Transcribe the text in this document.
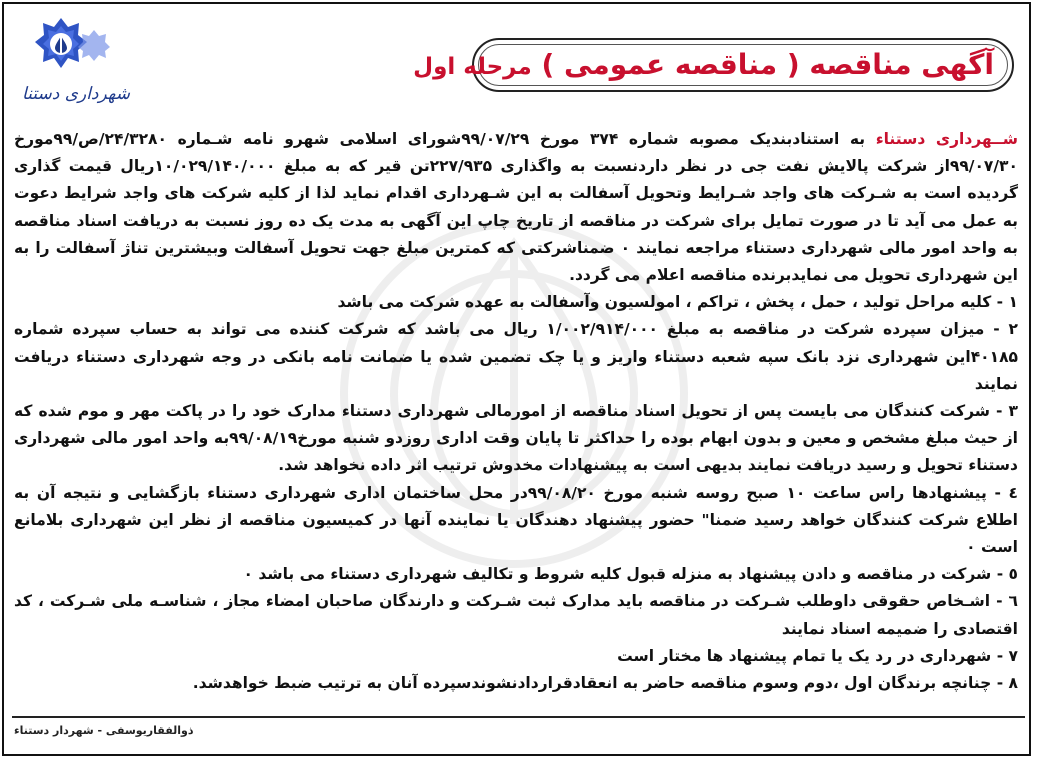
شهرداری دستنا
آگهی مناقصه ( مناقصه عمومی ) مرحله اول

شــهرداری دستناء به استنادبندیک مصوبه شماره ۳۷۴ مورخ ۹۹/۰۷/۲۹شورای اسلامی شهرو نامه شـماره ۲۴/۳۲۸۰/ص/۹۹مورخ ۹۹/۰۷/۳۰از شرکت پالایش نفت جی در نظر داردنسبت به واگذاری ۲۲۷/۹۳۵تن قیر که به مبلغ ۱۰/۰۲۹/۱۴۰/۰۰۰ریال قیمت گذاری گردیده است به شـرکت های واجد شـرایط وتحویل آسفالت به این شـهرداری اقدام نماید لذا از کلیه شرکت های واجد شرایط دعوت به عمل می آید تا در صورت تمایل برای شرکت در مناقصه از تاریخ چاپ این آگهی به مدت یک ده روز نسبت به دریافت اسناد مناقصه به واحد امور مالی شهرداری دستناء مراجعه نمایند ۰ ضمناشرکتی که کمترین مبلغ جهت تحویل آسفالت وبیشترین تناژ آسفالت را به این شهرداری تحویل می نمایدبرنده مناقصه اعلام می گردد.

۱ - کلیه مراحل تولید ، حمل ، پخش ، تراکم ، امولسیون وآسفالت به عهده شرکت می باشد

۲ - میزان سپرده شرکت در مناقصه به مبلغ ۱/۰۰۲/۹۱۴/۰۰۰ ریال می باشد که شرکت کننده می تواند به حساب سپرده شماره ۴۰۱۸۵این شهرداری نزد بانک سپه شعبه دستناء واریز و یا چک تضمین شده یا ضمانت نامه بانکی در وجه شهرداری دستناء دریافت نمایند

۳ - شرکت کنندگان می بایست پس از تحویل اسناد مناقصه از امورمالی شهرداری دستناء مدارک خود را در پاکت مهر و موم شده که از حیث مبلغ مشخص و معین و بدون ابهام بوده را حداکثر تا پایان وقت اداری روزدو شنبه مورخ۹۹/۰۸/۱۹به واحد امور مالی شهرداری دستناء تحویل و رسید دریافت نمایند بدیهی است به پیشنهادات مخدوش ترتیب اثر داده نخواهد شد.

٤ - پیشنهادها راس ساعت ۱۰ صبح روسه شنبه مورخ ۹۹/۰۸/۲۰در محل ساختمان اداری شهرداری دستناء بازگشایی و نتیجه آن به اطلاع شرکت کنندگان خواهد رسید ضمنا" حضور پیشنهاد دهندگان یا نماینده آنها در کمیسیون مناقصه از نظر این شهرداری بلامانع است ۰

٥ - شرکت در مناقصه و دادن پیشنهاد به منزله قبول کلیه شروط و تکالیف شهرداری دستناء می باشد ۰

٦ - اشـخاص حقوقی داوطلب شـرکت در مناقصه باید مدارک ثبت شـرکت و دارندگان صاحبان امضاء مجاز ، شناسـه ملی شـرکت ، کد اقتصادی را ضمیمه اسناد نمایند

۷ - شهرداری در رد یک یا تمام پیشنهاد ها مختار است

۸ - چنانچه برندگان اول ،دوم وسوم مناقصه حاضر به انعقادقراردادنشوندسپرده آنان به ترتیب ضبط خواهدشد.

ذوالفقاریوسفی - شهردار دستناء
